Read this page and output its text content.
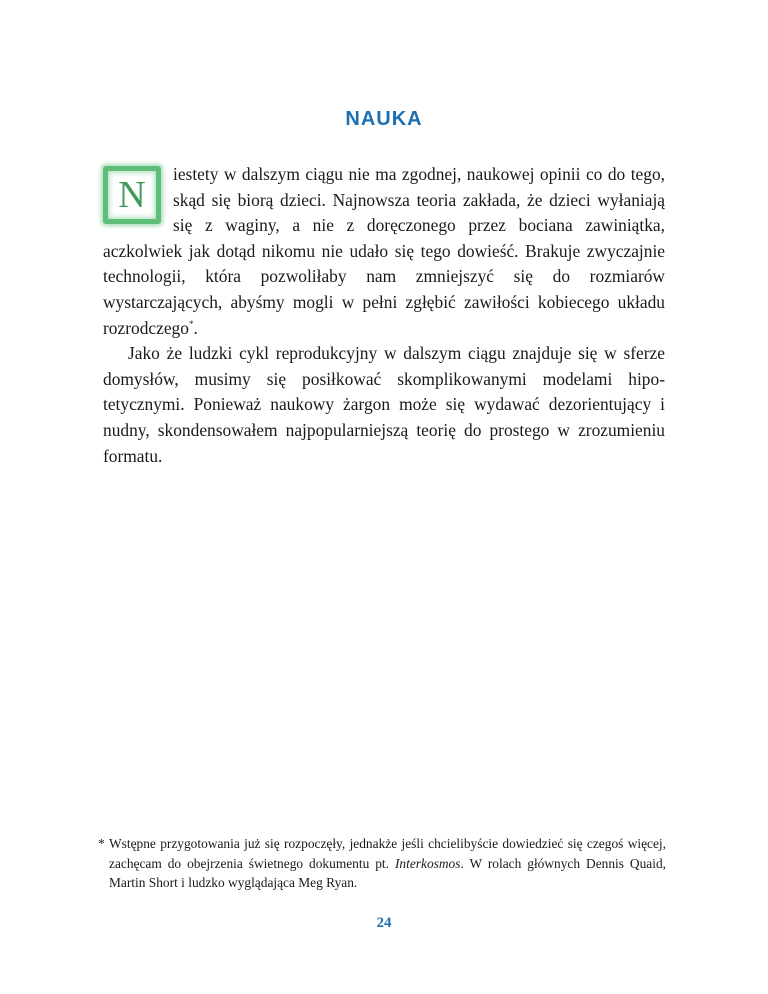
NAUKA

N	iestety w dalszym ciągu nie ma zgodnej, naukowej opinii co do tego, skąd się biorą dzieci. Najnowsza teoria zakłada, że dzieci wyłaniają się z waginy, a nie z doręczonego przez bociana zawiniątka, aczkolwiek jak dotąd nikomu nie udało się tego dowieść. Brakuje zwyczajnie technologii, która pozwoliłaby nam zmniejszyć się do rozmiarów wystarczających, abyśmy mogli w pełni zgłębić zawiłości kobiecego układu rozrodczego*.

Jako że ludzki cykl reprodukcyjny w dalszym ciągu znajduje się w sferze domysłów, musimy się posiłkować skomplikowanymi modelami hipotetycznymi. Ponieważ naukowy żargon może się wydawać dezorientujący i nudny, skondensowałem najpopularniejszą teorię do prostego w zrozumieniu formatu.

* Wstępne przygotowania już się rozpoczęły, jednakże jeśli chcielibyście dowiedzieć się czegoś więcej, zachęcam do obejrzenia świetnego dokumentu pt. Interkosmos. W rolach głównych Dennis Quaid, Martin Short i ludzko wyglądająca Meg Ryan.
24
